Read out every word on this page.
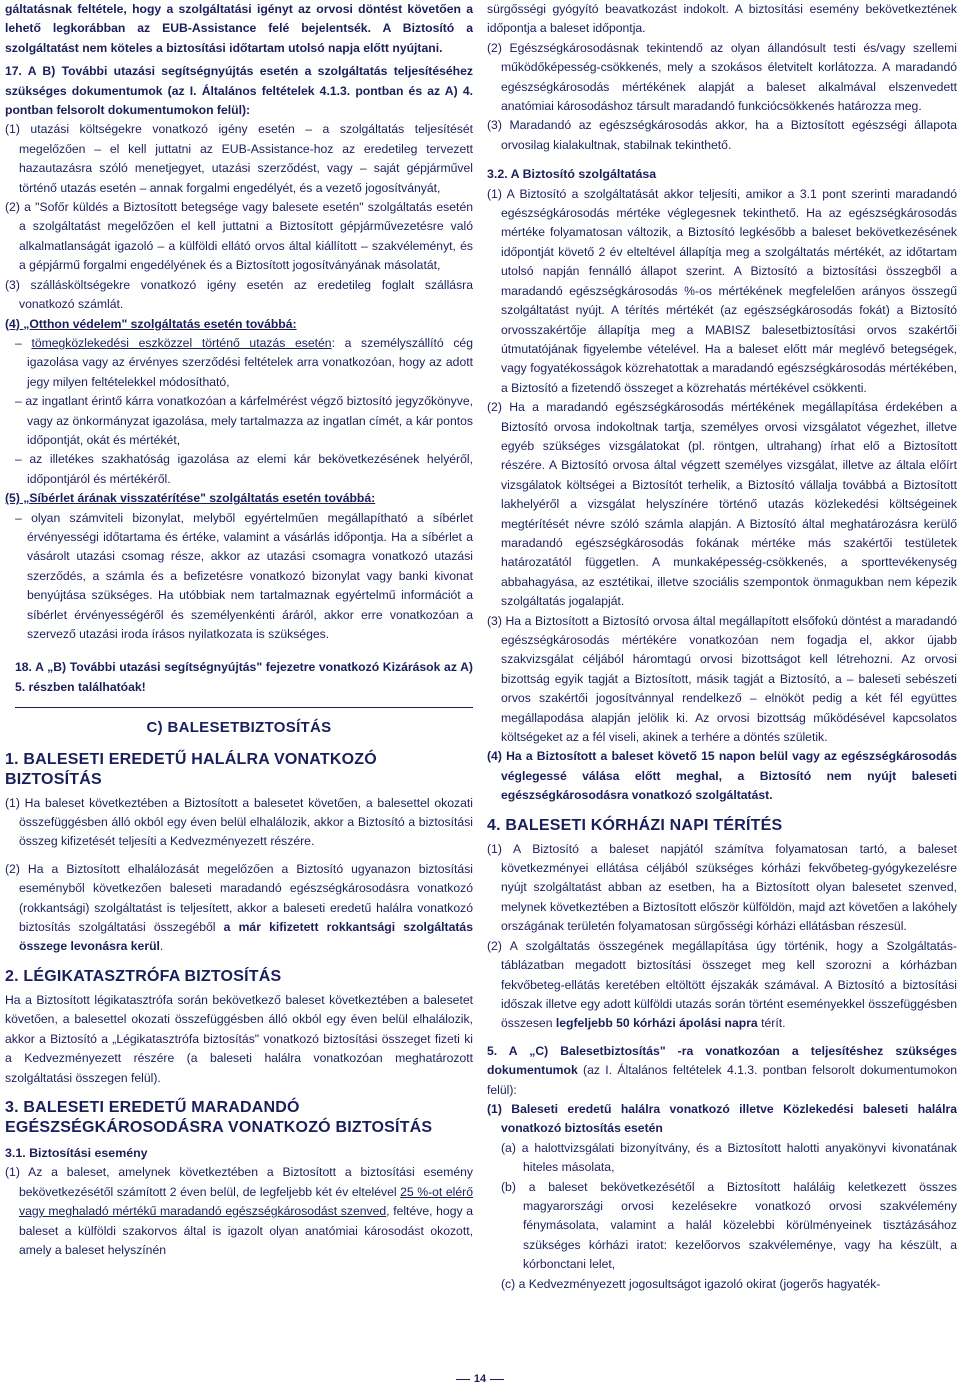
gáltatásnak feltétele, hogy a szolgáltatási igényt az orvosi döntést követően a lehető legkorábban az EUB-Assistance felé bejelentsék. A Biztosító a szolgáltatást nem köteles a biztosítási időtartam utolsó napja előtt nyújtani.

17. A B) További utazási segítségnyújtás esetén a szolgáltatás teljesítéséhez szükséges dokumentumok (az I. Általános feltételek 4.1.3. pontban és az A) 4. pontban felsorolt dokumentumokon felül):

(1) utazási költségekre vonatkozó igény esetén – a szolgáltatás teljesítését megelőzően – el kell juttatni az EUB-Assistance-hoz az eredetileg tervezett hazautazásra szóló menetjegyet, utazási szerződést, vagy – saját gépjárművel történő utazás esetén – annak forgalmi engedélyét, és a vezető jogosítványát,

(2) a "Sofőr küldés a Biztosított betegsége vagy balesete esetén" szolgáltatás esetén a szolgáltatást megelőzően el kell juttatni a Biztosított gépjárművezetésre való alkalmatlanságát igazoló – a külföldi ellátó orvos által kiállított – szakvéleményt, és a gépjármű forgalmi engedélyének és a Biztosított jogosítványának másolatát,

(3) szállásköltségekre vonatkozó igény esetén az eredetileg foglalt szállásra vonatkozó számlát.

(4) „Otthon védelem" szolgáltatás esetén továbbá:

– tömegközlekedési eszközzel történő utazás esetén: a személyszállító cég igazolása vagy az érvényes szerződési feltételek arra vonatkozóan, hogy az adott jegy milyen feltételekkel módosítható,

– az ingatlant érintő kárra vonatkozóan a kárfelmérést végző biztosító jegyzőkönyve, vagy az önkormányzat igazolása, mely tartalmazza az ingatlan címét, a kár pontos időpontját, okát és mértékét,

– az illetékes szakhatóság igazolása az elemi kár bekövetkezésének helyéről, időpontjáról és mértékéről.

(5) „Síbérlet árának visszatérítése" szolgáltatás esetén továbbá:

– olyan számviteli bizonylat, melyből egyértelműen megállapítható a síbérlet érvényességi időtartama és értéke, valamint a vásárlás időpontja. Ha a síbérlet a vásárolt utazási csomag része, akkor az utazási csomagra vonatkozó utazási szerződés, a számla és a befizetésre vonatkozó bizonylat vagy banki kivonat benyújtása szükséges. Ha utóbbiak nem tartalmaznak egyértelmű információt a síbérlet érvényességéről és személyenkénti áráról, akkor erre vonatkozóan a szervező utazási iroda írásos nyilatkozata is szükséges.

18. A „B) További utazási segítségnyújtás" fejezetre vonatkozó Kizárások az A) 5. részben találhatóak!

C) BALESETBIZTOSÍTÁS
1. BALESETI EREDETŰ HALÁLRA VONATKOZÓ BIZTOSÍTÁS

(1) Ha baleset következtében a Biztosított a balesetet követően, a balesettel okozati összefüggésben álló okból egy éven belül elhalálozik, akkor a Biztosító a biztosítási összeg kifizetését teljesíti a Kedvezményezett részére.

(2) Ha a Biztosított elhalálozását megelőzően a Biztosító ugyanazon biztosítási eseményből következően baleseti maradandó egészségkárosodásra vonatkozó (rokkantsági) szolgáltatást is teljesített, akkor a baleseti eredetű halálra vonatkozó biztosítás szolgáltatási összegéből a már kifizetett rokkantsági szolgáltatás összege levonásra kerül.

2. LÉGIKATASZTRÓFA BIZTOSÍTÁS

Ha a Biztosított légikatasztrófa során bekövetkező baleset következtében a balesetet követően, a balesettel okozati összefüggésben álló okból egy éven belül elhalálozik, akkor a Biztosító a „Légikatasztrófa biztosítás" vonatkozó biztosítási összeget fizeti ki a Kedvezményezett részére (a baleseti halálra vonatkozóan meghatározott szolgáltatási összegen felül).

3. BALESETI EREDETŰ MARADANDÓ EGÉSZSÉGKÁROSODÁSRA VONATKOZÓ BIZTOSÍTÁS
3.1. Biztosítási esemény

(1) Az a baleset, amelynek következtében a Biztosított a biztosítási esemény bekövetkezésétől számított 2 éven belül, de legfeljebb két év eltelével 25 %-ot elérő vagy meghaladó mértékű maradandó egészségkárosodást szenved, feltéve, hogy a baleset a külföldi szakorvos által is igazolt olyan anatómiai károsodást okozott, amely a baleset helyszínén

sürgősségi gyógyító beavatkozást indokolt. A biztosítási esemény bekövetkeztének időpontja a baleset időpontja.

(2) Egészségkárosodásnak tekintendő az olyan állandósult testi és/vagy szellemi működőképesség-csökkenés, mely a szokásos életvitelt korlátozza. A maradandó egészségkárosodás mértékének alapját a baleset alkalmával elszenvedett anatómiai károsodáshoz társult maradandó funkciócsökkenés határozza meg.

(3) Maradandó az egészségkárosodás akkor, ha a Biztosított egészségi állapota orvosilag kialakultnak, stabilnak tekinthető.

3.2. A Biztosító szolgáltatása

(1) A Biztosító a szolgáltatását akkor teljesíti, amikor a 3.1 pont szerinti maradandó egészségkárosodás mértéke véglegesnek tekinthető. Ha az egészségkárosodás mértéke folyamatosan változik, a Biztosító legkésőbb a baleset bekövetkezésének időpontját követő 2 év elteltével állapítja meg a szolgáltatás mértékét, az időtartam utolsó napján fennálló állapot szerint. A Biztosító a biztosítási összegből a maradandó egészségkárosodás %-os mértékének megfelelően arányos összegű szolgáltatást nyújt. A térítés mértékét (az egészségkárosodás fokát) a Biztosító orvosszakértője állapítja meg a MABISZ balesetbiztosítási orvos szakértői útmutatójának figyelembe vételével. Ha a baleset előtt már meglévő betegségek, vagy fogyatékosságok közrehatottak a maradandó egészségkárosodás mértékében, a Biztosító a fizetendő összeget a közrehatás mértékével csökkenti.

(2) Ha a maradandó egészségkárosodás mértékének megállapítása érdekében a Biztosító orvosa indokoltnak tartja, személyes orvosi vizsgálatot végezhet, illetve egyéb szükséges vizsgálatokat (pl. röntgen, ultrahang) írhat elő a Biztosított részére. A Biztosító orvosa által végzett személyes vizsgálat, illetve az általa előírt vizsgálatok költségei a Biztosítót terhelik, a Biztosító vállalja továbbá a Biztosított lakhelyéről a vizsgálat helyszínére történő utazás közlekedési költségeinek megtérítését névre szóló számla alapján. A Biztosító által meghatározásra kerülő maradandó egészségkárosodás fokának mértéke más szakértői testületek határozatától független. A munkaképesség-csökkenés, a sporttevékenység abbahagyása, az esztétikai, illetve szociális szempontok önmagukban nem képezik szolgáltatás jogalapját.

(3) Ha a Biztosított a Biztosító orvosa által megállapított elsőfokú döntést a maradandó egészségkárosodás mértékére vonatkozóan nem fogadja el, akkor újabb szakvizsgálat céljából háromtagú orvosi bizottságot kell létrehozni. Az orvosi bizottság egyik tagját a Biztosított, másik tagját a Biztosító, a – baleseti sebészeti orvos szakértői jogosítvánnyal rendelkező – elnököt pedig a két fél együttes megállapodása alapján jelölik ki. Az orvosi bizottság működésével kapcsolatos költségeket az a fél viseli, akinek a terhére a döntés születik.

(4) Ha a Biztosított a baleset követő 15 napon belül vagy az egészségkárosodás véglegessé válása előtt meghal, a Biztosító nem nyújt baleseti egészségkárosodásra vonatkozó szolgáltatást.

4. BALESETI KÓRHÁZI NAPI TÉRÍTÉS

(1) A Biztosító a baleset napjától számítva folyamatosan tartó, a baleset következményei ellátása céljából szükséges kórházi fekvőbeteg-gyógykezelésre nyújt szolgáltatást abban az esetben, ha a Biztosított olyan balesetet szenved, melynek következtében a Biztosított először külföldön, majd azt követően a lakóhely országának területén folyamatosan sürgősségi kórházi ellátásban részesül.

(2) A szolgáltatás összegének megállapítása úgy történik, hogy a Szolgáltatás-táblázatban megadott biztosítási összeget meg kell szorozni a kórházban fekvőbeteg-ellátás keretében eltöltött éjszakák számával. A Biztosító a biztosítási időszak illetve egy adott külföldi utazás során történt eseményekkel összefüggésben összesen legfeljebb 50 kórházi ápolási napra térít.

5. A „C) Balesetbiztosítás" -ra vonatkozóan a teljesítéshez szükséges dokumentumok (az I. Általános feltételek 4.1.3. pontban felsorolt dokumentumokon felül):

(1) Baleseti eredetű halálra vonatkozó illetve Közlekedési baleseti halálra vonatkozó biztosítás esetén

(a) a halottvizsgálati bizonyítvány, és a Biztosított halotti anyakönyvi kivonatának hiteles másolata,

(b) a baleset bekövetkezésétől a Biztosított haláláig keletkezett összes magyarországi orvosi kezelésekre vonatkozó orvosi szakvélemény fénymásolata, valamint a halál közelebbi körülményeinek tisztázásához szükséges kórházi iratot: kezelőorvos szakvéleménye, vagy ha készült, a kórbonctani lelet,

(c) a Kedvezményezett jogosultságot igazoló okirat (jogerős hagyaték-

14
